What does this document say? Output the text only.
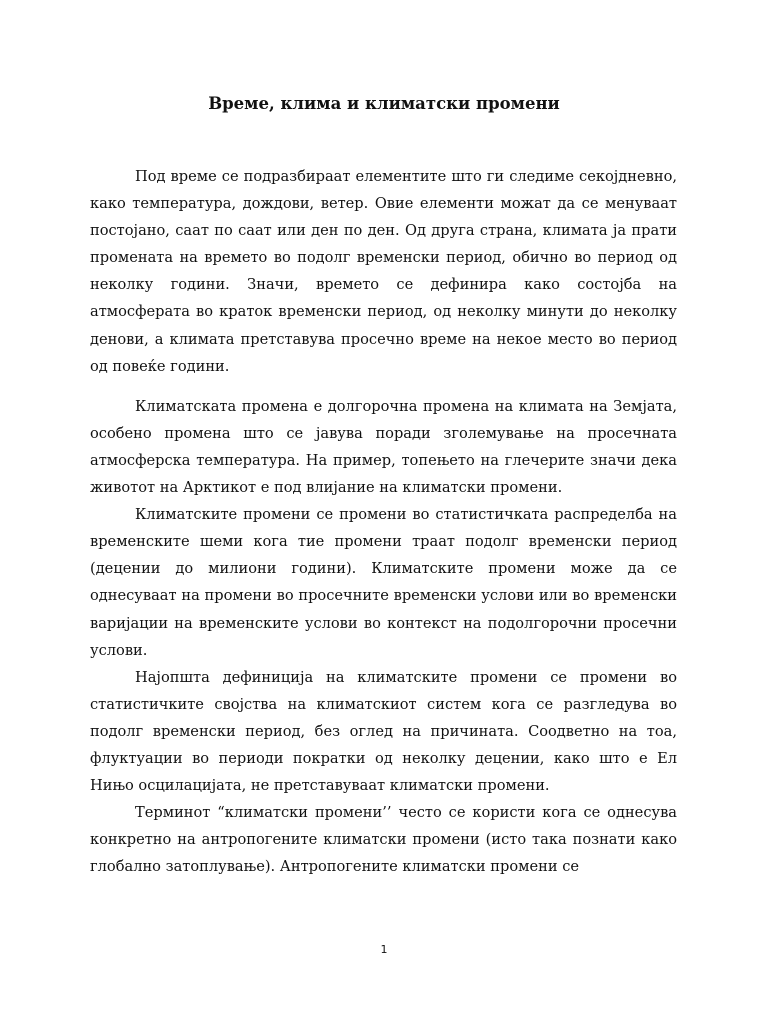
Време, клима и климатски промени

Под време се подразбираат елементите што ги следиме секојдневно, како температура, дождови, ветер. Овие елементи можат да се менуваат постојано, саат по саат или ден по ден. Од друга страна, климата ја прати промената на времето во подолг временски период, обично во период од неколку години. Значи, времето се дефинира како состојба на атмосферата во краток временски период, од неколку минути до неколку денови, а климата претставува просечно време на некое место во период од повеќе години.

Климатската промена е долгорочна промена на климата на Земјата, особено промена што се јавува поради зголемување на просечната атмосферска температура. На пример, топењето на глечерите значи дека животот на Арктикот е под влијание на климатски промени.

Климатските промени се промени во статистичката распределба на временските шеми кога тие промени траат подолг временски период (децении до милиони години). Климатските промени може да се однесуваат на промени во просечните временски услови или во временски варијации на временските услови во контекст на подолгорочни просечни услови.

Најопшта дефиниција на климатските промени се промени во статистичките својства на климатскиот систем кога се разгледува во подолг временски период, без оглед на причината. Соодветно на тоа, флуктуации во периоди пократки од неколку децении, како што е Ел Нињо осцилацијата, не претставуваат климатски промени.

Терминот “климатски промени’’ често се користи кога се однесува конкретно на антропогените климатски промени (исто така познати како глобално затоплување). Антропогените климатски промени се

1
